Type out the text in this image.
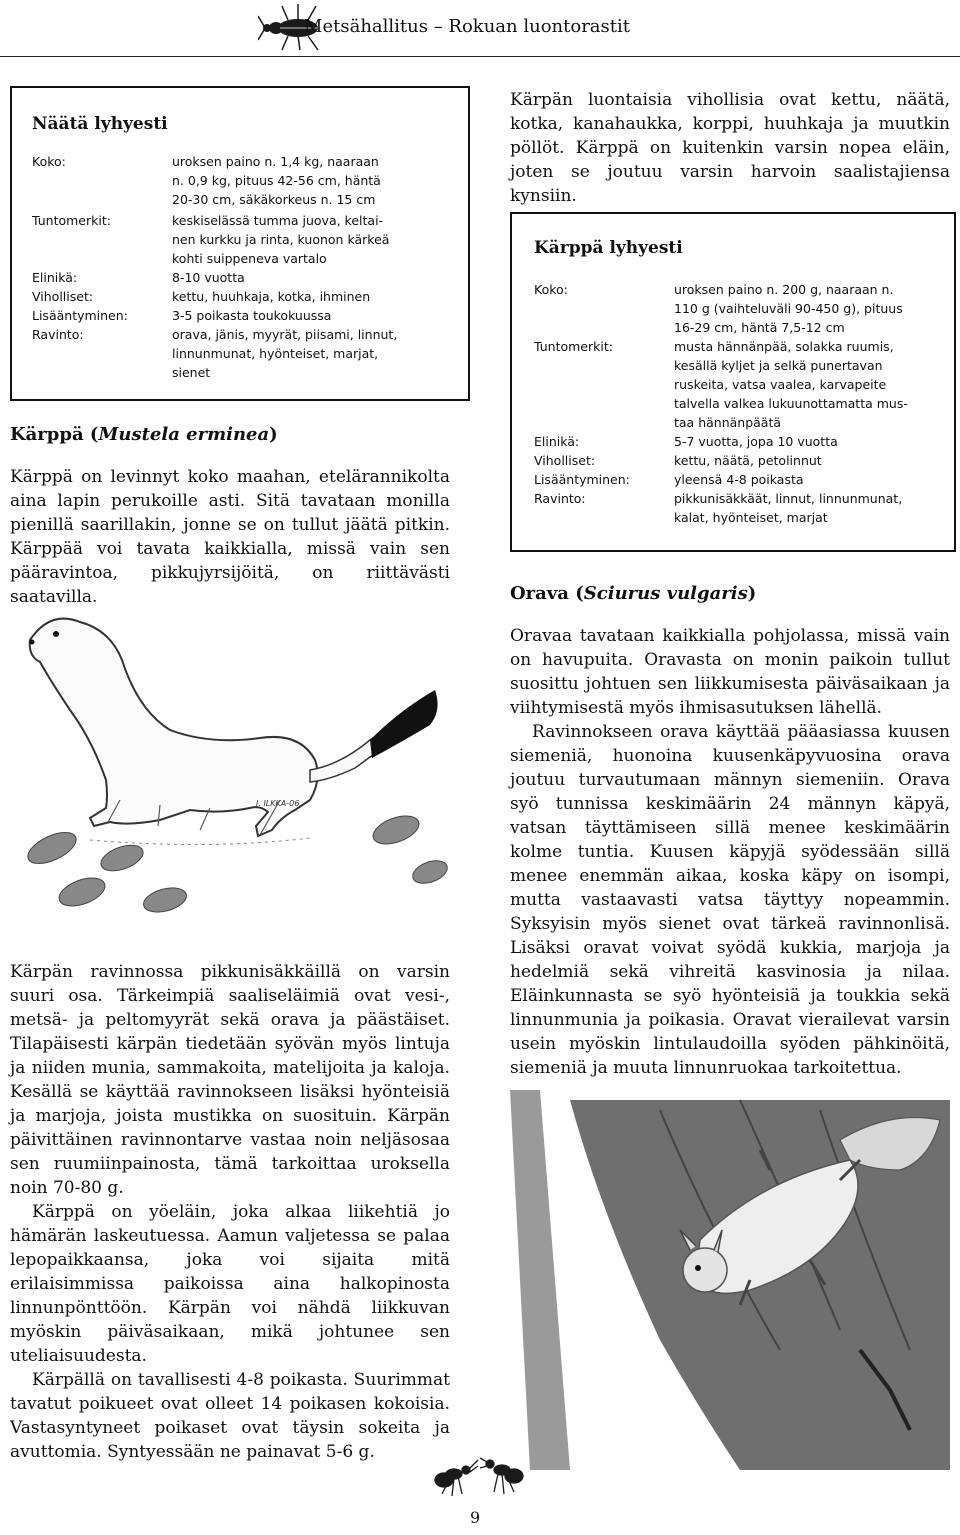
Metsähallitus – Rokuan luontorastit
Näätä lyhyesti
Koko:	uroksen paino n. 1,4 kg, naaraan
n. 0,9 kg, pituus 42-56 cm, häntä
20-30 cm, säkäkorkeus n. 15 cm
Tuntomerkit:	keskiselässä tumma juova, keltai-
nen kurkku ja rinta, kuonon kärkeä
kohti suippeneva vartalo
Elinikä:	8-10 vuotta
Viholliset:	kettu, huuhkaja, kotka, ihminen
Lisääntyminen:	3-5 poikasta toukokuussa
Ravinto:	orava, jänis, myyrät, piisami, linnut,
linnunmunat, hyönteiset, marjat,
sienet
Kärppä (Mustela erminea)

Kärppä on levinnyt koko maahan, etelärannikolta aina lapin perukoille asti. Sitä tavataan monilla pienillä saarillakin, jonne se on tullut jäätä pitkin. Kärppää voi tavata kaikkialla, missä vain sen pääravintoa, pikkujyrsijöitä, on riittävästi saatavilla.

J. ILKKA-06

Kärpän ravinnossa pikkunisäkkäillä on varsin suuri osa. Tärkeimpiä saaliseläimiä ovat vesi-, metsä- ja peltomyyrät sekä orava ja päästäiset. Tilapäisesti kärpän tiedetään syövän myös lintuja ja niiden munia, sammakoita, matelijoita ja kaloja. Kesällä se käyttää ravinnokseen lisäksi hyönteisiä ja marjoja, joista mustikka on suosituin. Kärpän päivittäinen ravinnontarve vastaa noin neljäsosaa sen ruumiinpainosta, tämä tarkoittaa uroksella noin 70-80 g.

Kärppä on yöeläin, joka alkaa liikehtiä jo hämärän laskeutuessa. Aamun valjetessa se palaa lepopaikkaansa, joka voi sijaita mitä erilaisimmissa paikoissa aina halkopinosta linnunpönttöön. Kärpän voi nähdä liikkuvan myöskin päiväsaikaan, mikä johtunee sen uteliaisuudesta.

Kärpällä on tavallisesti 4-8 poikasta. Suurimmat tavatut poikueet ovat olleet 14 poikasen kokoisia. Vastasyntyneet poikaset ovat täysin sokeita ja avuttomia. Syntyessään ne painavat 5-6 g.

Kärpän luontaisia vihollisia ovat kettu, näätä, kotka, kanahaukka, korppi, huuhkaja ja muutkin pöllöt. Kärppä on kuitenkin varsin nopea eläin, joten se joutuu varsin harvoin saalistajiensa kynsiin.

Kärppä lyhyesti
Koko:	uroksen paino n. 200 g, naaraan n.
110 g (vaihteluväli 90-450 g), pituus
16-29 cm, häntä 7,5-12 cm
Tuntomerkit:	musta hännänpää, solakka ruumis,
kesällä kyljet ja selkä punertavan
ruskeita, vatsa vaalea, karvapeite
talvella valkea lukuunottamatta mus-
taa hännänpäätä
Elinikä:	5-7 vuotta, jopa 10 vuotta
Viholliset:	kettu, näätä, petolinnut
Lisääntyminen:	yleensä 4-8 poikasta
Ravinto:	pikkunisäkkäät, linnut, linnunmunat,
kalat, hyönteiset, marjat
Orava (Sciurus vulgaris)

Oravaa tavataan kaikkialla pohjolassa, missä vain on havupuita. Oravasta on monin paikoin tullut suosittu johtuen sen liikkumisesta päiväsaikaan ja viihtymisestä myös ihmisasutuksen lähellä.

Ravinnokseen orava käyttää pääasiassa kuusen siemeniä, huonoina kuusenkäpyvuosina orava joutuu turvautumaan männyn siemeniin. Orava syö tunnissa keskimäärin 24 männyn käpyä, vatsan täyttämiseen sillä menee keskimäärin kolme tuntia. Kuusen käpyjä syödessään sillä menee enemmän aikaa, koska käpy on isompi, mutta vastaavasti vatsa täyttyy nopeammin. Syksyisin myös sienet ovat tärkeä ravinnonlisä. Lisäksi oravat voivat syödä kukkia, marjoja ja hedelmiä sekä vihreitä kasvinosia ja nilaa. Eläinkunnasta se syö hyönteisiä ja toukkia sekä linnunmunia ja poikasia. Oravat vierailevat varsin usein myöskin lintulaudoilla syöden pähkinöitä, siemeniä ja muuta linnunruokaa tarkoitettua.

9
